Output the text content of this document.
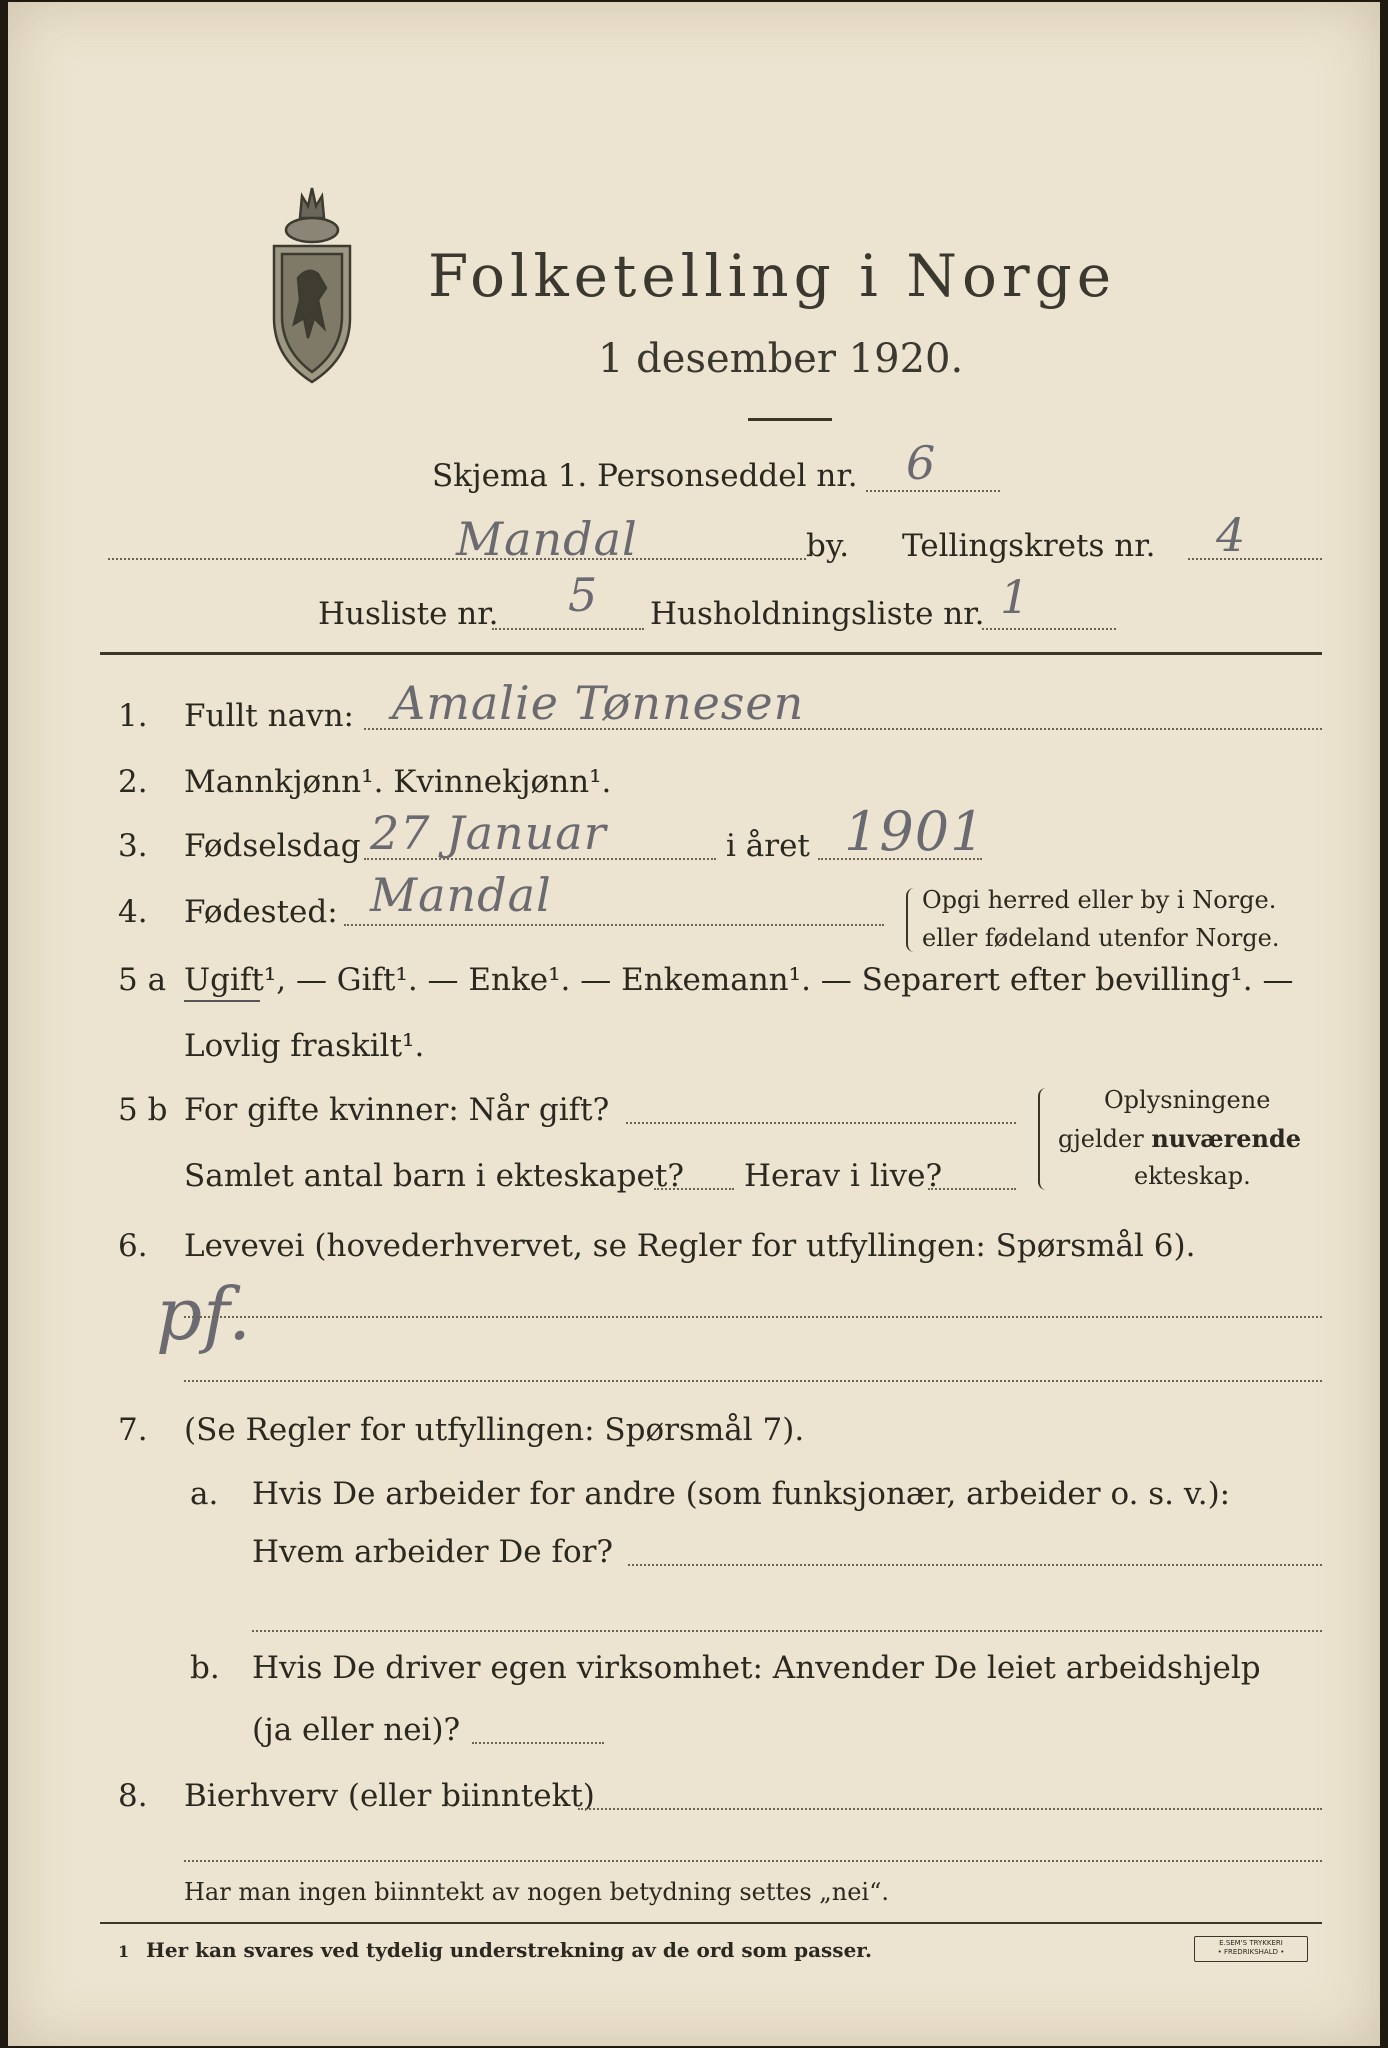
Folketelling i Norge
1 desember 1920.
Skjema 1. Personseddel nr. 6
Mandal	by. Tellingskrets nr. 4
Husliste nr. 5 Husholdningsliste nr. 1
1. Fullt navn: Amalie Tønnesen
2. Mannkjønn¹. Kvinnekjønn¹.
3. Fødselsdag 27 Januar	i året 1901
4. Fødested: Mandal	Opgi herred eller by i Norge.
eller fødeland utenfor Norge.
5 a Ugift¹, — Gift¹. — Enke¹. — Enkemann¹. — Separert efter bevilling¹. —
Lovlig fraskilt¹.
5 b For gifte kvinner: Når gift?
Samlet antal barn i ekteskapet? Herav i live?
Oplysningene
gjelder nuværende
ekteskap.
6. Levevei (hovederhvervet, se Regler for utfyllingen: Spørsmål 6).
pf.
7. (Se Regler for utfyllingen: Spørsmål 7).
a. Hvis De arbeider for andre (som funksjonær, arbeider o. s. v.):
Hvem arbeider De for?
b. Hvis De driver egen virksomhet: Anvender De leiet arbeidshjelp
(ja eller nei)?
8. Bierhverv (eller biinntekt)
Har man ingen biinntekt av nogen betydning settes „nei“.
1 Her kan svares ved tydelig understrekning av de ord som passer.	E.SEM'S TRYKKERI
• FREDRIKSHALD •
